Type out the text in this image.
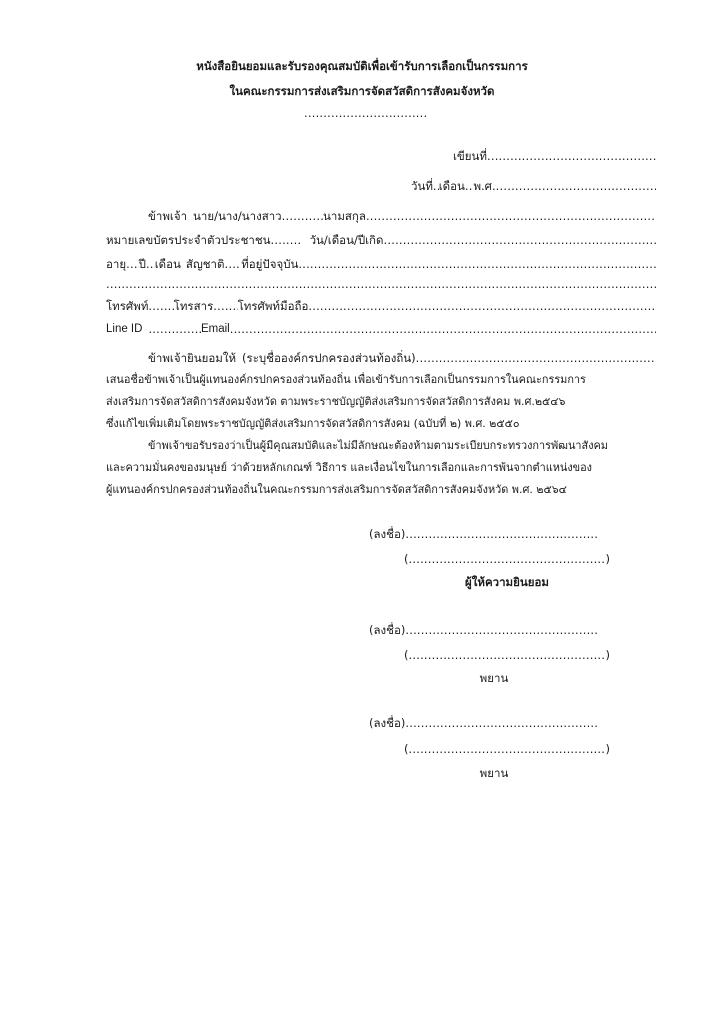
หนังสือยินยอมและรับรองคุณสมบัติเพื่อเข้ารับการเลือกเป็นกรรมการ
ในคณะกรรมการส่งเสริมการจัดสวัสดิการสังคมจังหวัด
.....
เขียนที่
.....
วันที่ ..... เดือน ..... พ.ศ.
.....
ข้าพเจ้า นาย/นาง/นางสาว .....	นามสกุล
.....
หมายเลขบัตรประจำตัวประชาชน .....	วัน/เดือน/ปีเกิด
.....
อายุ ..... ปี ..... เดือน สัญชาติ ..... ที่อยู่ปัจจุบัน
.....
.....
โทรศัพท์ ..... โทรสาร ..... โทรศัพท์มือถือ
.....
Line ID .....	Email
.....
ข้าพเจ้ายินยอมให้ (ระบุชื่อองค์กรปกครองส่วนท้องถิ่น)
.....
เสนอชื่อข้าพเจ้าเป็นผู้แทนองค์กรปกครองส่วนท้องถิ่น เพื่อเข้ารับการเลือกเป็นกรรมการในคณะกรรมการ
ส่งเสริมการจัดสวัสดิการสังคมจังหวัด ตามพระราชบัญญัติส่งเสริมการจัดสวัสดิการสังคม พ.ศ.๒๕๔๖
ซึ่งแก้ไขเพิ่มเติมโดยพระราชบัญญัติส่งเสริมการจัดสวัสดิการสังคม (ฉบับที่ ๒) พ.ศ. ๒๕๕๐
ข้าพเจ้าขอรับรองว่าเป็นผู้มีคุณสมบัติและไม่มีลักษณะต้องห้ามตามระเบียบกระทรวงการพัฒนาสังคม
และความมั่นคงของมนุษย์ ว่าด้วยหลักเกณฑ์ วิธีการ และเงื่อนไขในการเลือกและการพ้นจากตำแหน่งของ
ผู้แทนองค์กรปกครองส่วนท้องถิ่นในคณะกรรมการส่งเสริมการจัดสวัสดิการสังคมจังหวัด พ.ศ. ๒๕๖๔
(ลงชื่อ)
.....
( .....	)
ผู้ให้ความยินยอม
(ลงชื่อ)
.....
( .....	)
พยาน
(ลงชื่อ)
.....
( .....	)
พยาน
